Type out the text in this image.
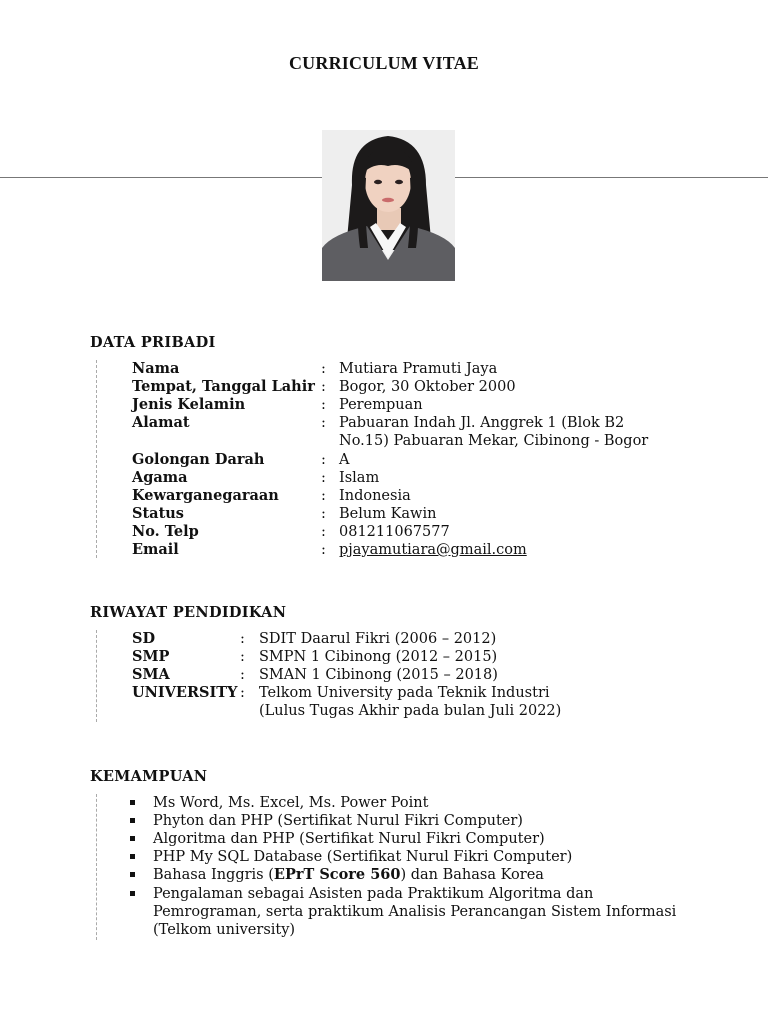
CURRICULUM VITAE
DATA PRIBADI
Nama	: Mutiara Pramuti Jaya
Tempat, Tanggal Lahir : Bogor, 30 Oktober 2000
Jenis Kelamin	: Perempuan
Alamat	: Pabuaran Indah Jl. Anggrek 1 (Blok B2
No.15) Pabuaran Mekar, Cibinong - Bogor
Golongan Darah	: A
Agama	: Islam
Kewarganegaraan	: Indonesia
Status	: Belum Kawin
No. Telp	: 081211067577
Email	: pjayamutiara@gmail.com
RIWAYAT PENDIDIKAN
SD	: SDIT Daarul Fikri (2006 – 2012)
SMP	: SMPN 1 Cibinong (2012 – 2015)
SMA	: SMAN 1 Cibinong (2015 – 2018)
UNIVERSITY : Telkom University pada Teknik Industri
(Lulus Tugas Akhir pada bulan Juli 2022)
KEMAMPUAN
Ms Word, Ms. Excel, Ms. Power Point
Phyton dan PHP (Sertifikat Nurul Fikri Computer)
Algoritma dan PHP (Sertifikat Nurul Fikri Computer)
PHP My SQL Database (Sertifikat Nurul Fikri Computer)
Bahasa Inggris (EPrT Score 560) dan Bahasa Korea
Pengalaman sebagai Asisten pada Praktikum Algoritma dan
Pemrograman, serta praktikum Analisis Perancangan Sistem Informasi
(Telkom university)
